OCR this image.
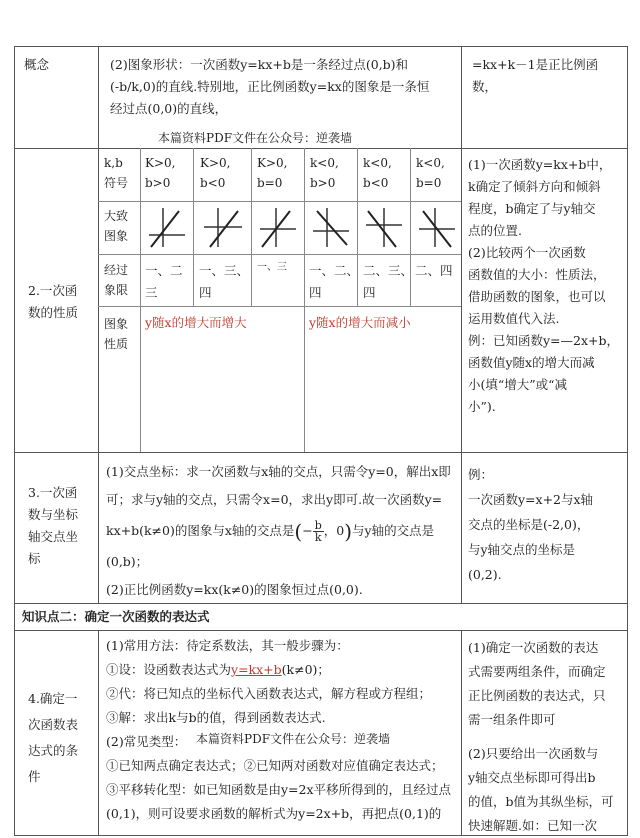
概念	(2)图象形状：一次函数y=kx+b是一条经过点(0,b)和
(-b/k,0)的直线.特别地，正比例函数y=kx的图象是一条恒
经过点(0,0)的直线，
本篇资料PDF文件在公众号：逆袭墙
=kx+k－1是正比例函
数，
2.一次函
数的性质
k,b
符号
K>0,
b>0
K>0,
b<0
K>0,
b=0
k<0,
b>0
k<0,
b<0
k<0,
b=0
大致
图象
经过
象限
一、二
三
一、三、
四
一、三 一、二、
四
二、三、
四
二、四
图象
性质
y随x的增大而增大	y随x的增大而减小
(1)一次函数y=kx+b中，
k确定了倾斜方向和倾斜
程度，b确定了与y轴交
点的位置.
(2)比较两个一次函数
函数值的大小：性质法，
借助函数的图象，也可以
运用数值代入法.
例：已知函数y=—2x+b，
函数值y随x的增大而减
小(填“增大”或“减
小”).
3.一次函
数与坐标
轴交点坐
标
(1)交点坐标：求一次函数与x轴的交点，只需令y=0，解出x即
可；求与y轴的交点，只需令x=0，求出y即可.故一次函数y=
kx+b(k≠0)的图象与x轴的交点是(− $\frac{b}{k}$ ，0)与y轴的交点是
(0,b)；
(2)正比例函数y=kx(k≠0)的图象恒过点(0,0).
例：
一次函数y=x+2与x轴
交点的坐标是(-2,0)，
与y轴交点的坐标是
(0,2).
知识点二：确定一次函数的表达式
4.确定一
次函数表
达式的条
件
(1)常用方法：待定系数法，其一般步骤为：
①设：设函数表达式为y=kx+b(k≠0)；
②代：将已知点的坐标代入函数表达式，解方程或方程组；
③解：求出k与b的值，得到函数表达式.
(2)常见类型：
①已知两点确定表达式；②已知两对函数对应值确定表达式；
③平移转化型：如已知函数是由y=2x平移所得到的，且经过点
(0,1)，则可设要求函数的解析式为y=2x+b，再把点(0,1)的
本篇资料PDF文件在公众号：逆袭墙
(1)确定一次函数的表达
式需要两组条件，而确定
正比例函数的表达式，只
需一组条件即可
(2)只要给出一次函数与
y轴交点坐标即可得出b
的值，b值为其纵坐标，可
快速解题.如：已知一次
